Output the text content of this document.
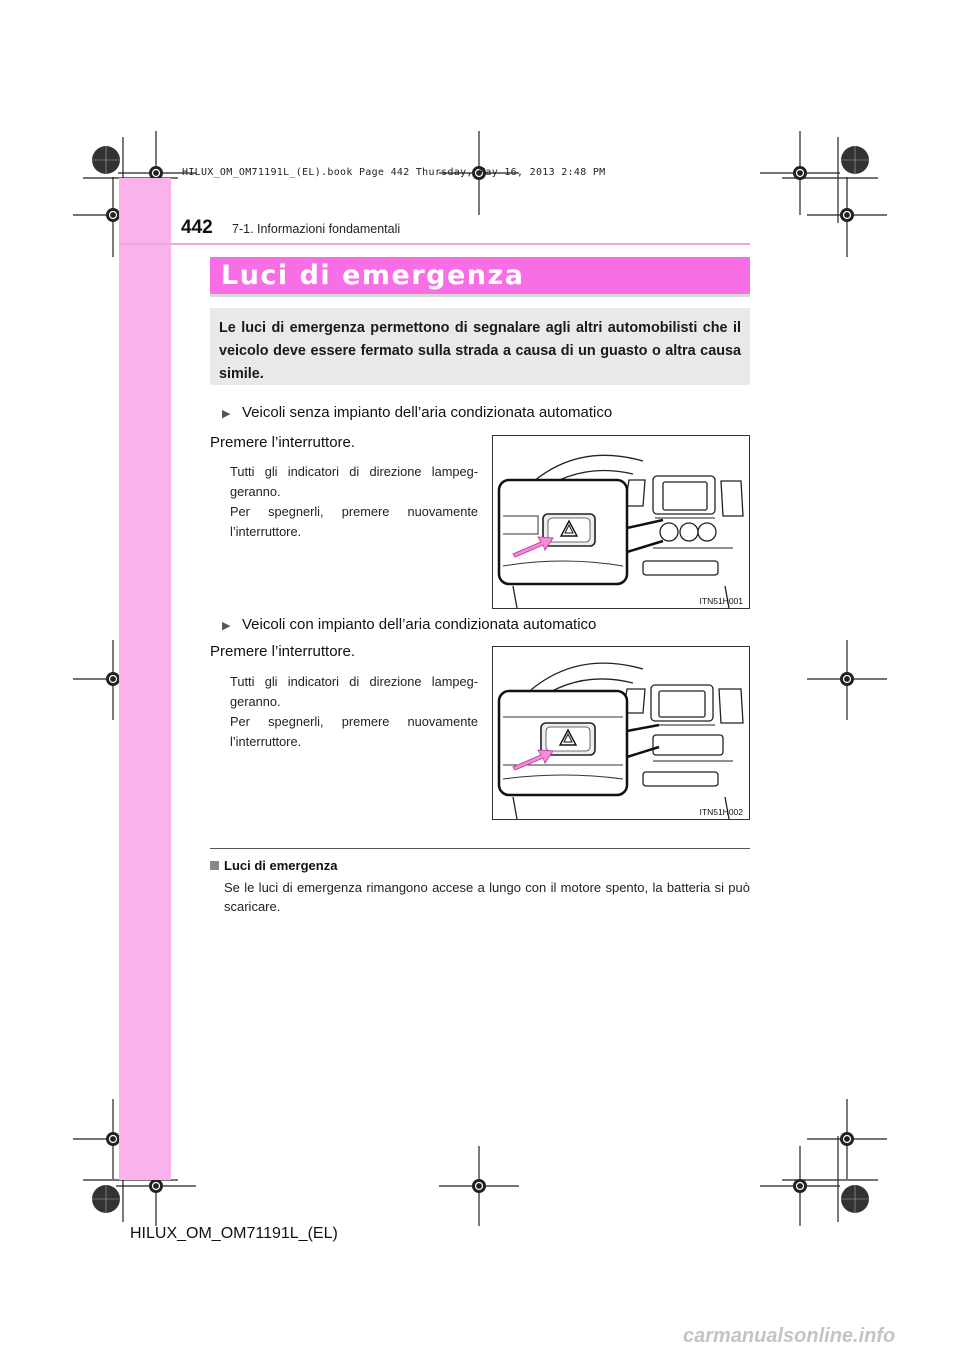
HILUX_OM_OM71191L_(EL).book Page 442 Thursday, May 16, 2013 2:48 PM
442 7-1. Informazioni fondamentali
Luci di emergenza
Le luci di emergenza permettono di segnalare agli altri automobilisti che il veicolo deve essere fermato sulla strada a causa di un guasto o altra causa simile.
▶ Veicoli senza impianto dell’aria condizionata automatico
Premere l’interruttore.
Tutti gli indicatori di direzione lampeg-geranno.
Per spegnerli, premere nuovamente l’interruttore.
ITN51H001
▶ Veicoli con impianto dell’aria condizionata automatico
Premere l’interruttore.
Tutti gli indicatori di direzione lampeg-geranno.
Per spegnerli, premere nuovamente l’interruttore.
ITN51H002
Luci di emergenza
Se le luci di emergenza rimangono accese a lungo con il motore spento, la batteria si può scaricare.
HILUX_OM_OM71191L_(EL)
carmanualsonline.info
